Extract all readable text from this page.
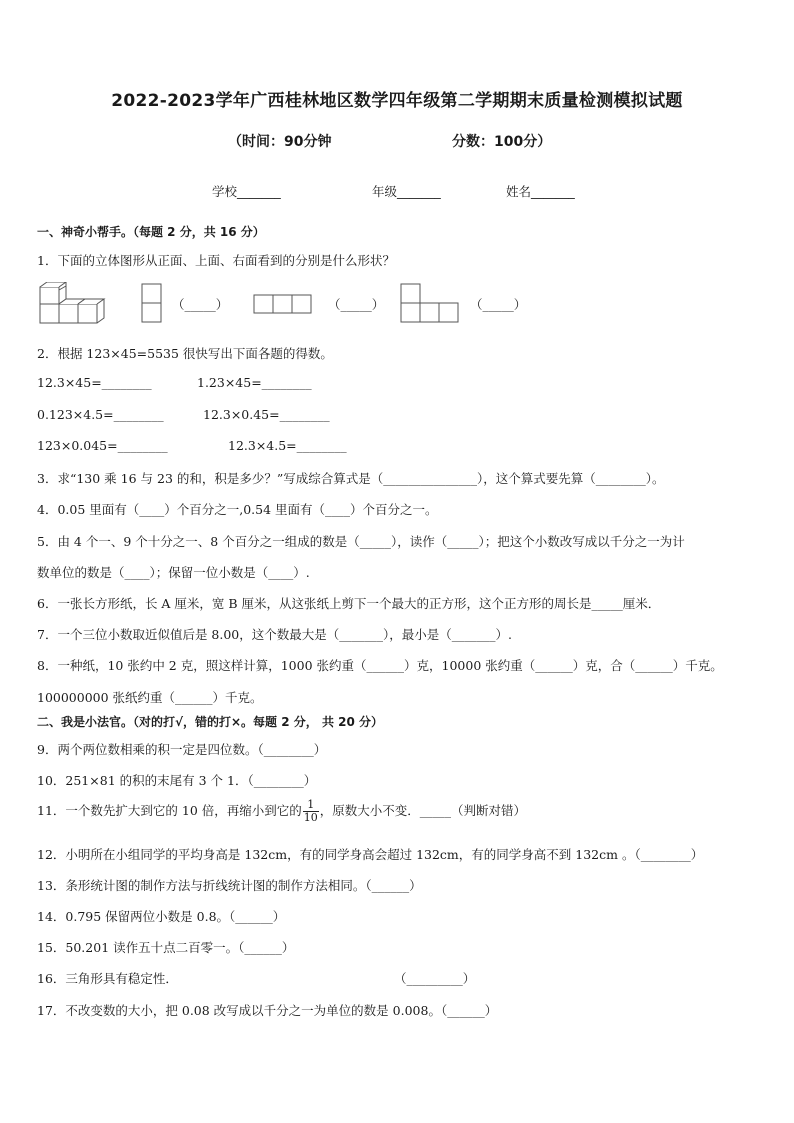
2022-2023学年广西桂林地区数学四年级第二学期期末质量检测模拟试题
（时间：90分钟	分数：100分）
学校_______	年级_______	姓名_______
一、神奇小帮手。（每题 2 分，共 16 分）
1．下面的立体图形从正面、上面、右面看到的分别是什么形状？
（_____）	（_____）	（_____）
2．根据 123×45=5535 很快写出下面各题的得数。
12.3×45=________	1.23×45=________
0.123×4.5=________	12.3×0.45=________
123×0.045=________	12.3×4.5=________
3．求“130 乘 16 与 23 的和，积是多少？”写成综合算式是（_______________），这个算式要先算（________）。
4．0.05 里面有（____）个百分之一,0.54 里面有（____）个百分之一。
5．由 4 个一、9 个十分之一、8 个百分之一组成的数是（_____），读作（_____）；把这个小数改写成以千分之一为计
数单位的数是（____）；保留一位小数是（____）.
6．一张长方形纸，长 A 厘米，宽 B 厘米，从这张纸上剪下一个最大的正方形，这个正方形的周长是_____厘米．
7．一个三位小数取近似值后是 8.00，这个数最大是（_______），最小是（_______）.
8．一种纸，10 张约中 2 克，照这样计算，1000 张约重（______）克，10000 张约重（______）克，合（______）千克。
100000000 张纸约重（______）千克。
二、我是小法官。（对的打√，错的打×。每题 2 分， 共 20 分）
9．两个两位数相乘的积一定是四位数。（________）
10．251×81 的积的末尾有 3 个 1．（________）
11．一个数先扩大到它的 10 倍，再缩小到它的 $\frac{1}{10}$ ，原数大小不变．_____（判断对错）
12．小明所在小组同学的平均身高是 132cm，有的同学身高会超过 132cm，有的同学身高不到 132cm 。（________）
13．条形统计图的制作方法与折线统计图的制作方法相同。（______）
14．0.795 保留两位小数是 0.8。（______）
15．50.201 读作五十点二百零一。（______）
16．三角形具有稳定性．	（_________）
17．不改变数的大小，把 0.08 改写成以千分之一为单位的数是 0.008。（______）
